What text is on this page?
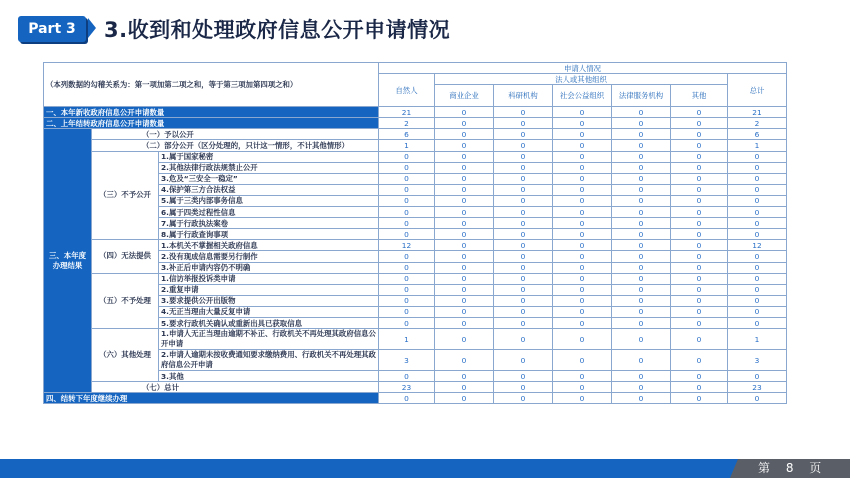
Part 3	3.收到和处理政府信息公开申请情况
（本列数据的勾稽关系为：第一项加第二项之和，等于第三项加第四项之和）			申请人情况						
			自然人	法人或其他组织					总计
				商业企业	科研机构	社会公益组织	法律服务机构	其他	
一、本年新收政府信息公开申请数量			21	0	0	0	0	0	21
二、上年结转政府信息公开申请数量			2	0	0	0	0	0	2
三、本年度办理结果	（一）予以公开		6	0	0	0	0	0	6
	（二）部分公开（区分处理的，只计这一情形，不计其他情形）		1	0	0	0	0	0	1
	（三）不予公开	1.属于国家秘密	0	0	0	0	0	0	0
		2.其他法律行政法规禁止公开	0	0	0	0	0	0	0
		3.危及“三安全一稳定”	0	0	0	0	0	0	0
		4.保护第三方合法权益	0	0	0	0	0	0	0
		5.属于三类内部事务信息	0	0	0	0	0	0	0
		6.属于四类过程性信息	0	0	0	0	0	0	0
		7.属于行政执法案卷	0	0	0	0	0	0	0
		8.属于行政查询事项	0	0	0	0	0	0	0
	（四）无法提供	1.本机关不掌握相关政府信息	12	0	0	0	0	0	12
		2.没有现成信息需要另行制作	0	0	0	0	0	0	0
		3.补正后申请内容仍不明确	0	0	0	0	0	0	0
	（五）不予处理	1.信访举报投诉类申请	0	0	0	0	0	0	0
		2.重复申请	0	0	0	0	0	0	0
		3.要求提供公开出版物	0	0	0	0	0	0	0
		4.无正当理由大量反复申请	0	0	0	0	0	0	0
		5.要求行政机关确认或重新出具已获取信息	0	0	0	0	0	0	0
	（六）其他处理	1.申请人无正当理由逾期不补正、行政机关不再处理其政府信息公开申请	1	0	0	0	0	0	1
		2.申请人逾期未按收费通知要求缴纳费用、行政机关不再处理其政府信息公开申请	3	0	0	0	0	0	3
		3.其他	0	0	0	0	0	0	0
	（七）总计		23	0	0	0	0	0	23
四、结转下年度继续办理			0	0	0	0	0	0	0
第 8 页
